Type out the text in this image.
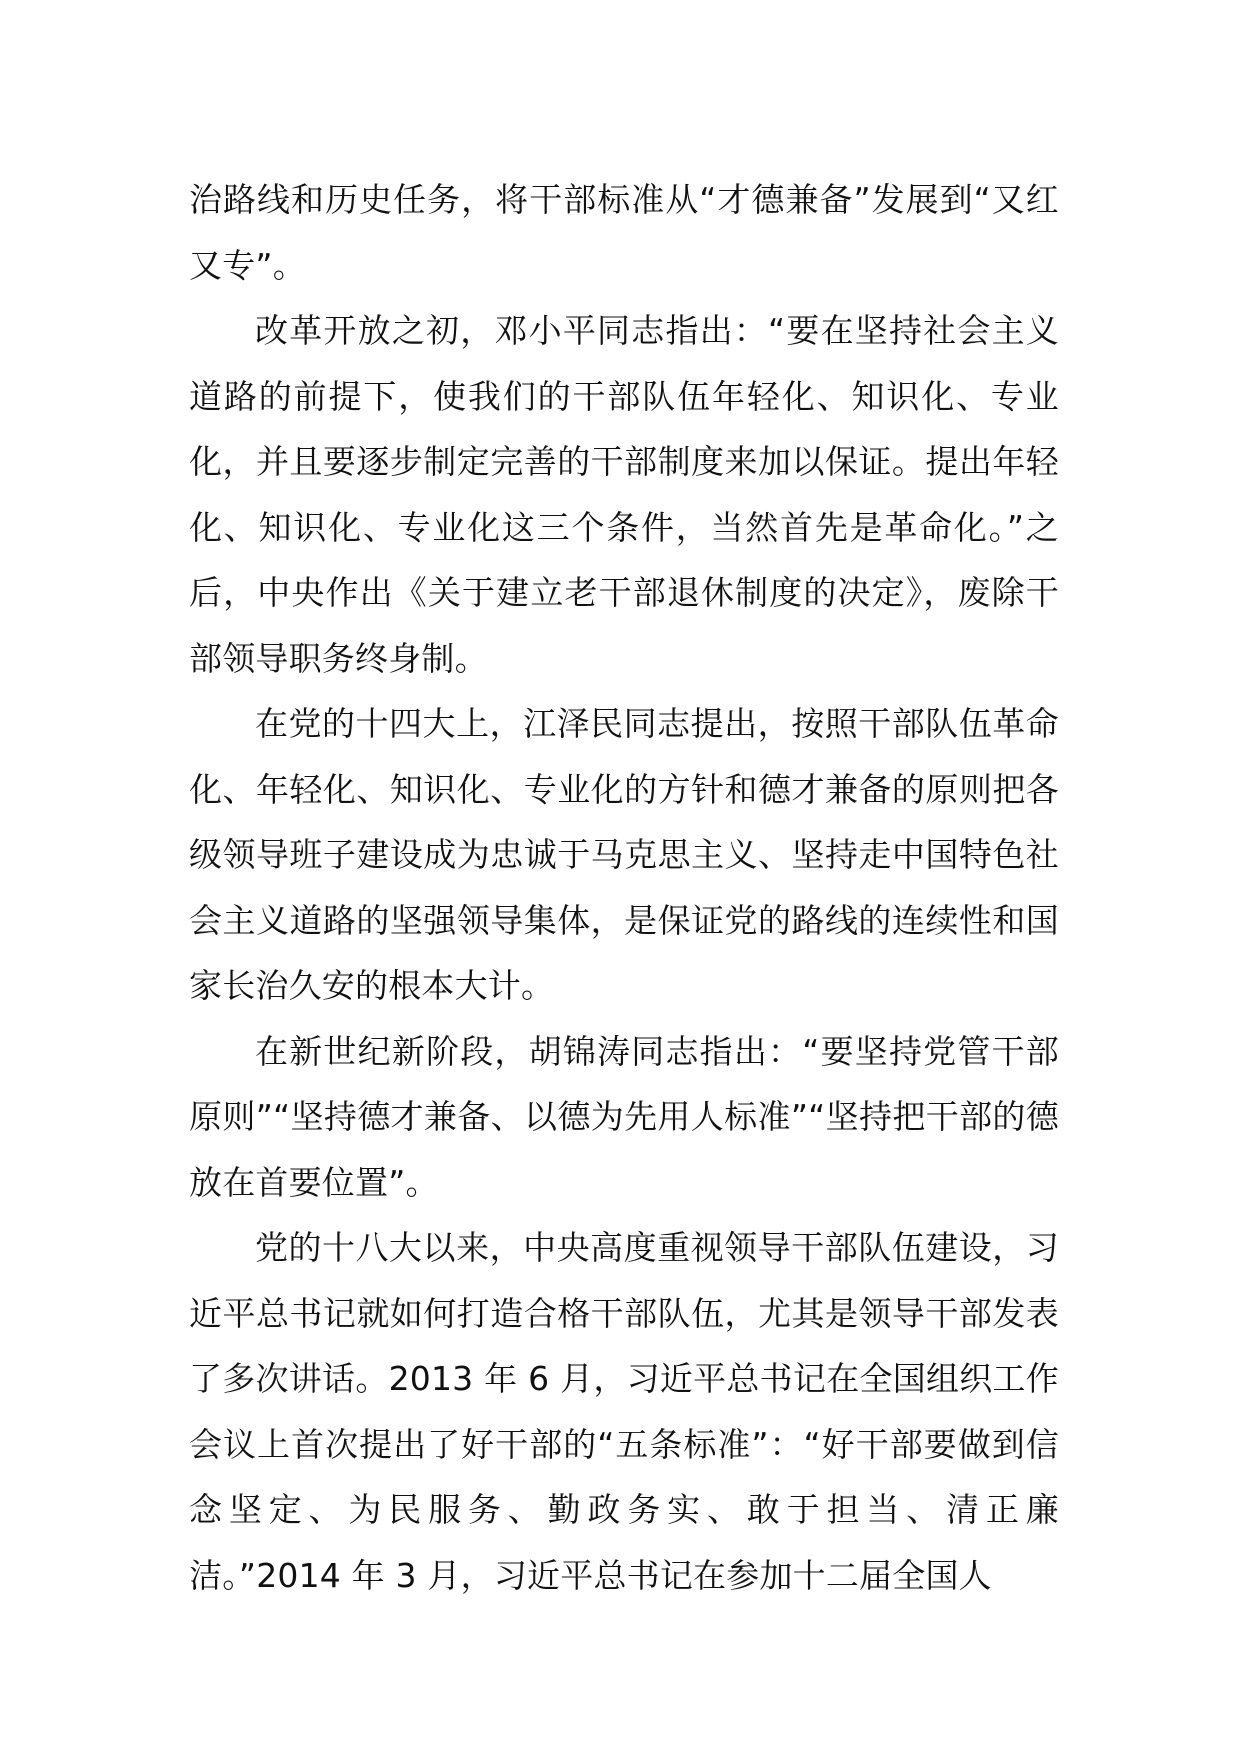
治路线和历史任务，将干部标准从“才德兼备”发展到“又红又专”。

改革开放之初，邓小平同志指出：“要在坚持社会主义道路的前提下，使我们的干部队伍年轻化、知识化、专业化，并且要逐步制定完善的干部制度来加以保证。提出年轻化、知识化、专业化这三个条件，当然首先是革命化。”之后，中央作出《关于建立老干部退休制度的决定》，废除干部领导职务终身制。

在党的十四大上，江泽民同志提出，按照干部队伍革命化、年轻化、知识化、专业化的方针和德才兼备的原则把各级领导班子建设成为忠诚于马克思主义、坚持走中国特色社会主义道路的坚强领导集体，是保证党的路线的连续性和国家长治久安的根本大计。

在新世纪新阶段，胡锦涛同志指出：“要坚持党管干部原则”“坚持德才兼备、以德为先用人标准”“坚持把干部的德放在首要位置”。

党的十八大以来，中央高度重视领导干部队伍建设，习近平总书记就如何打造合格干部队伍，尤其是领导干部发表了多次讲话。2013 年 6 月，习近平总书记在全国组织工作会议上首次提出了好干部的“五条标准”：“好干部要做到信念坚定、为民服务、勤政务实、敢于担当、清正廉洁。”2014 年 3 月，习近平总书记在参加十二届全国人
